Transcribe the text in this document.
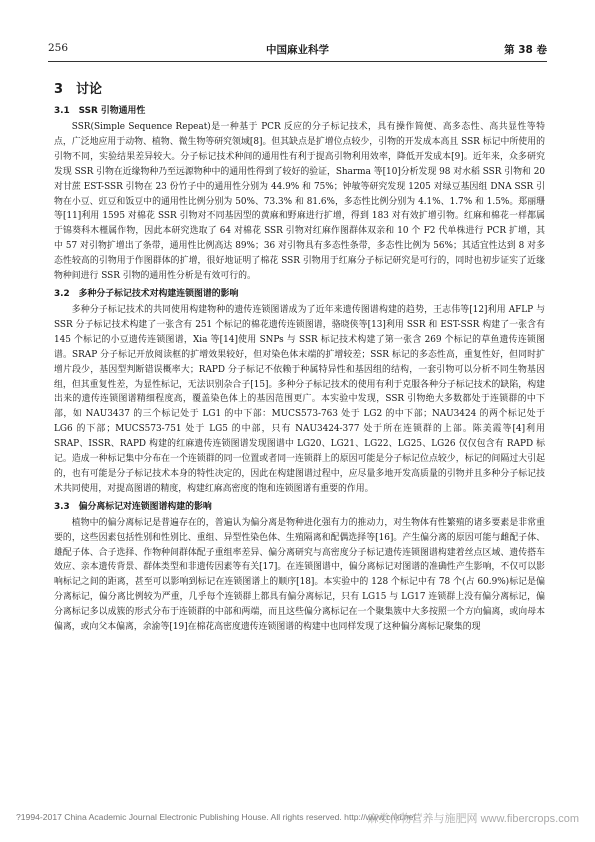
256	中国麻业科学	第 38 卷
3　讨论
3.1　SSR 引物通用性

SSR(Simple Sequence Repeat)是一种基于 PCR 反应的分子标记技术，具有操作简便、高多态性、高共显性等特点，广泛地应用于动物、植物、微生物等研究领域[8]。但其缺点是扩增位点较少，引物的开发成本高且 SSR 标记中所使用的引物不同，实验结果差异较大。分子标记技术种间的通用性有利于提高引物利用效率，降低开发成本[9]。近年来，众多研究发现 SSR 引物在近缘物种乃至远源物种中的通用性得到了较好的验证，Sharma 等[10]分析发现 98 对水稻 SSR 引物和 20 对甘蔗 EST-SSR 引物在 23 份竹子中的通用性分别为 44.9% 和 75%；钟敏等研究发现 1205 对绿豆基因组 DNA SSR 引物在小豆、豇豆和饭豆中的通用性比例分别为 50%、73.3% 和 81.6%，多态性比例分别为 4.1%、1.7% 和 1.5%。郑丽珊等[11]利用 1595 对棉花 SSR 引物对不同基因型的黄麻和野麻进行扩增，得到 183 对有效扩增引物。红麻和棉花一样都属于锦葵科木槿属作物，因此本研究选取了 64 对棉花 SSR 引物对红麻作图群体双亲和 10 个 F2 代单株进行 PCR 扩增，其中 57 对引物扩增出了条带，通用性比例高达 89%；36 对引物具有多态性条带，多态性比例为 56%；其适宜性达到 8 对多态性较高的引物用于作图群体的扩增，很好地证明了棉花 SSR 引物用于红麻分子标记研究是可行的，同时也初步证实了近缘物种间进行 SSR 引物的通用性分析是有效可行的。

3.2　多种分子标记技术对构建连锁图谱的影响

多种分子标记技术的共同使用构建物种的遗传连锁图谱成为了近年来遗传图谱构建的趋势，王志伟等[12]利用 AFLP 与 SSR 分子标记技术构建了一张含有 251 个标记的棉花遗传连锁图谱，骆晓侠等[13]利用 SSR 和 EST-SSR 构建了一张含有 145 个标记的小豆遗传连锁图谱，Xia 等[14]使用 SNPs 与 SSR 标记技术构建了第一张含 269 个标记的草鱼遗传连锁图谱。SRAP 分子标记开放阅读框的扩增效果较好，但对染色体末端的扩增较差；SSR 标记的多态性高，重复性好，但同时扩增片段少，基因型判断错误概率大；RAPD 分子标记不依赖于种属特异性和基因组的结构，一套引物可以分析不同生物基因组，但其重复性差，为显性标记，无法识别杂合子[15]。多种分子标记技术的使用有利于克服各种分子标记技术的缺陷，构建出来的遗传连锁图谱精细程度高，覆盖染色体上的基因范围更广。本实验中发现，SSR 引物绝大多数都处于连锁群的中下部，如 NAU3437 的三个标记处于 LG1 的中下部：MUCS573-763 处于 LG2 的中下部；NAU3424 的两个标记处于 LG6 的下部；MUCS573-751 处于 LG5 的中部，只有 NAU3424-377 处于所在连锁群的上部。陈美霞等[4]利用 SRAP、ISSR、RAPD 构建的红麻遗传连锁图谱发现图谱中 LG20、LG21、LG22、LG25、LG26 仅仅包含有 RAPD 标记。造成一种标记集中分布在一个连锁群的同一位置或者同一连锁群上的原因可能是分子标记位点较少，标记的间隔过大引起的，也有可能是分子标记技术本身的特性决定的，因此在构建图谱过程中，应尽量多地开发高质量的引物并且多种分子标记技术共同使用，对提高图谱的精度，构建红麻高密度的饱和连锁图谱有重要的作用。

3.3　偏分离标记对连锁图谱构建的影响

植物中的偏分离标记是普遍存在的，普遍认为偏分离是物种进化强有力的推动力，对生物体有性繁殖的诸多要素是非常重要的，这些因素包括性别和性别比、重组、异型性染色体、生殖隔离和配偶选择等[16]。产生偏分离的原因可能与雌配子体、雄配子体、合子选择、作物种间群体配子重组率差异、偏分离研究与高密度分子标记遗传连锁图谱构建着丝点区域、遗传搭车效应、亲本遗传背景、群体类型和非遗传因素等有关[17]。在连锁图谱中，偏分离标记对图谱的准确性产生影响，不仅可以影响标记之间的距离，甚至可以影响到标记在连锁图谱上的顺序[18]。本实验中的 128 个标记中有 78 个(占 60.9%)标记是偏分离标记，偏分离比例较为严重，几乎每个连锁群上都具有偏分离标记，只有 LG15 与 LG17 连锁群上没有偏分离标记，偏分离标记多以成簇的形式分布于连锁群的中部和两端，而且这些偏分离标记在一个聚集簇中大多按照一个方向偏离，或向母本偏离，或向父本偏离，余渝等[19]在棉花高密度遗传连锁图谱的构建中也同样发现了这种偏分离标记聚集的现

?1994-2017 China Academic Journal Electronic Publishing House. All rights reserved. http://www.cnki.net
麻类作物营养与施肥网 www.fibercrops.com
